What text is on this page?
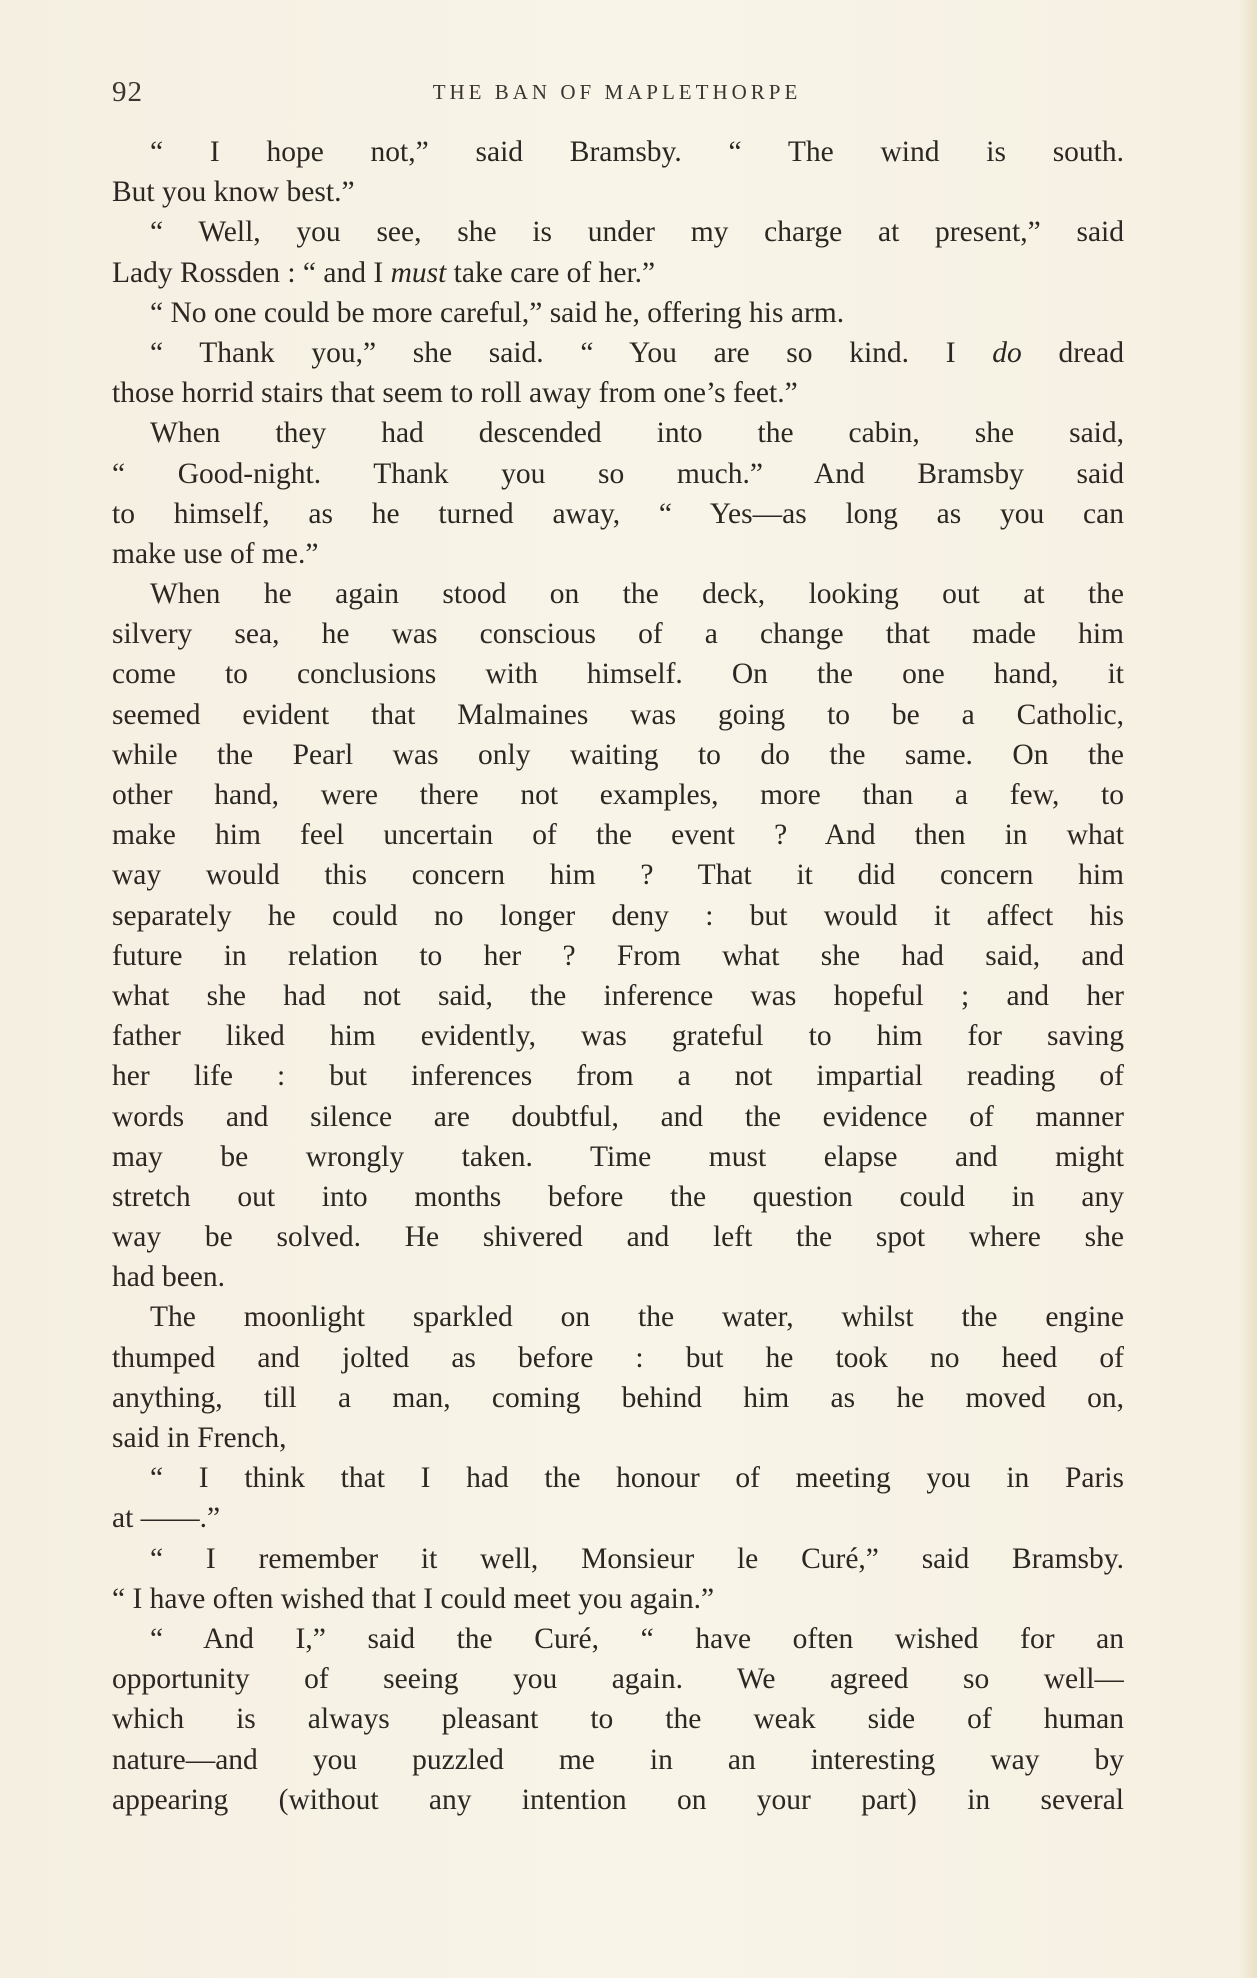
92	THE BAN OF MAPLETHORPE
“ I hope not,” said Bramsby. “ The wind is south.
But you know best.”
“ Well, you see, she is under my charge at present,” said
Lady Rossden : “ and I must take care of her.”
“ No one could be more careful,” said he, offering his arm.
“ Thank you,” she said. “ You are so kind. I do dread
those horrid stairs that seem to roll away from one’s feet.”
When they had descended into the cabin, she said,
“ Good-night. Thank you so much.” And Bramsby said
to himself, as he turned away, “ Yes—as long as you can
make use of me.”
When he again stood on the deck, looking out at the
silvery sea, he was conscious of a change that made him
come to conclusions with himself. On the one hand, it
seemed evident that Malmaines was going to be a Catholic,
while the Pearl was only waiting to do the same. On the
other hand, were there not examples, more than a few, to
make him feel uncertain of the event ? And then in what
way would this concern him ? That it did concern him
separately he could no longer deny : but would it affect his
future in relation to her ? From what she had said, and
what she had not said, the inference was hopeful ; and her
father liked him evidently, was grateful to him for saving
her life : but inferences from a not impartial reading of
words and silence are doubtful, and the evidence of manner
may be wrongly taken. Time must elapse and might
stretch out into months before the question could in any
way be solved. He shivered and left the spot where she
had been.
The moonlight sparkled on the water, whilst the engine
thumped and jolted as before : but he took no heed of
anything, till a man, coming behind him as he moved on,
said in French,
“ I think that I had the honour of meeting you in Paris
at ——.”
“ I remember it well, Monsieur le Curé,” said Bramsby.
“ I have often wished that I could meet you again.”
“ And I,” said the Curé, “ have often wished for an
opportunity of seeing you again. We agreed so well—
which is always pleasant to the weak side of human
nature—and you puzzled me in an interesting way by
appearing (without any intention on your part) in several
